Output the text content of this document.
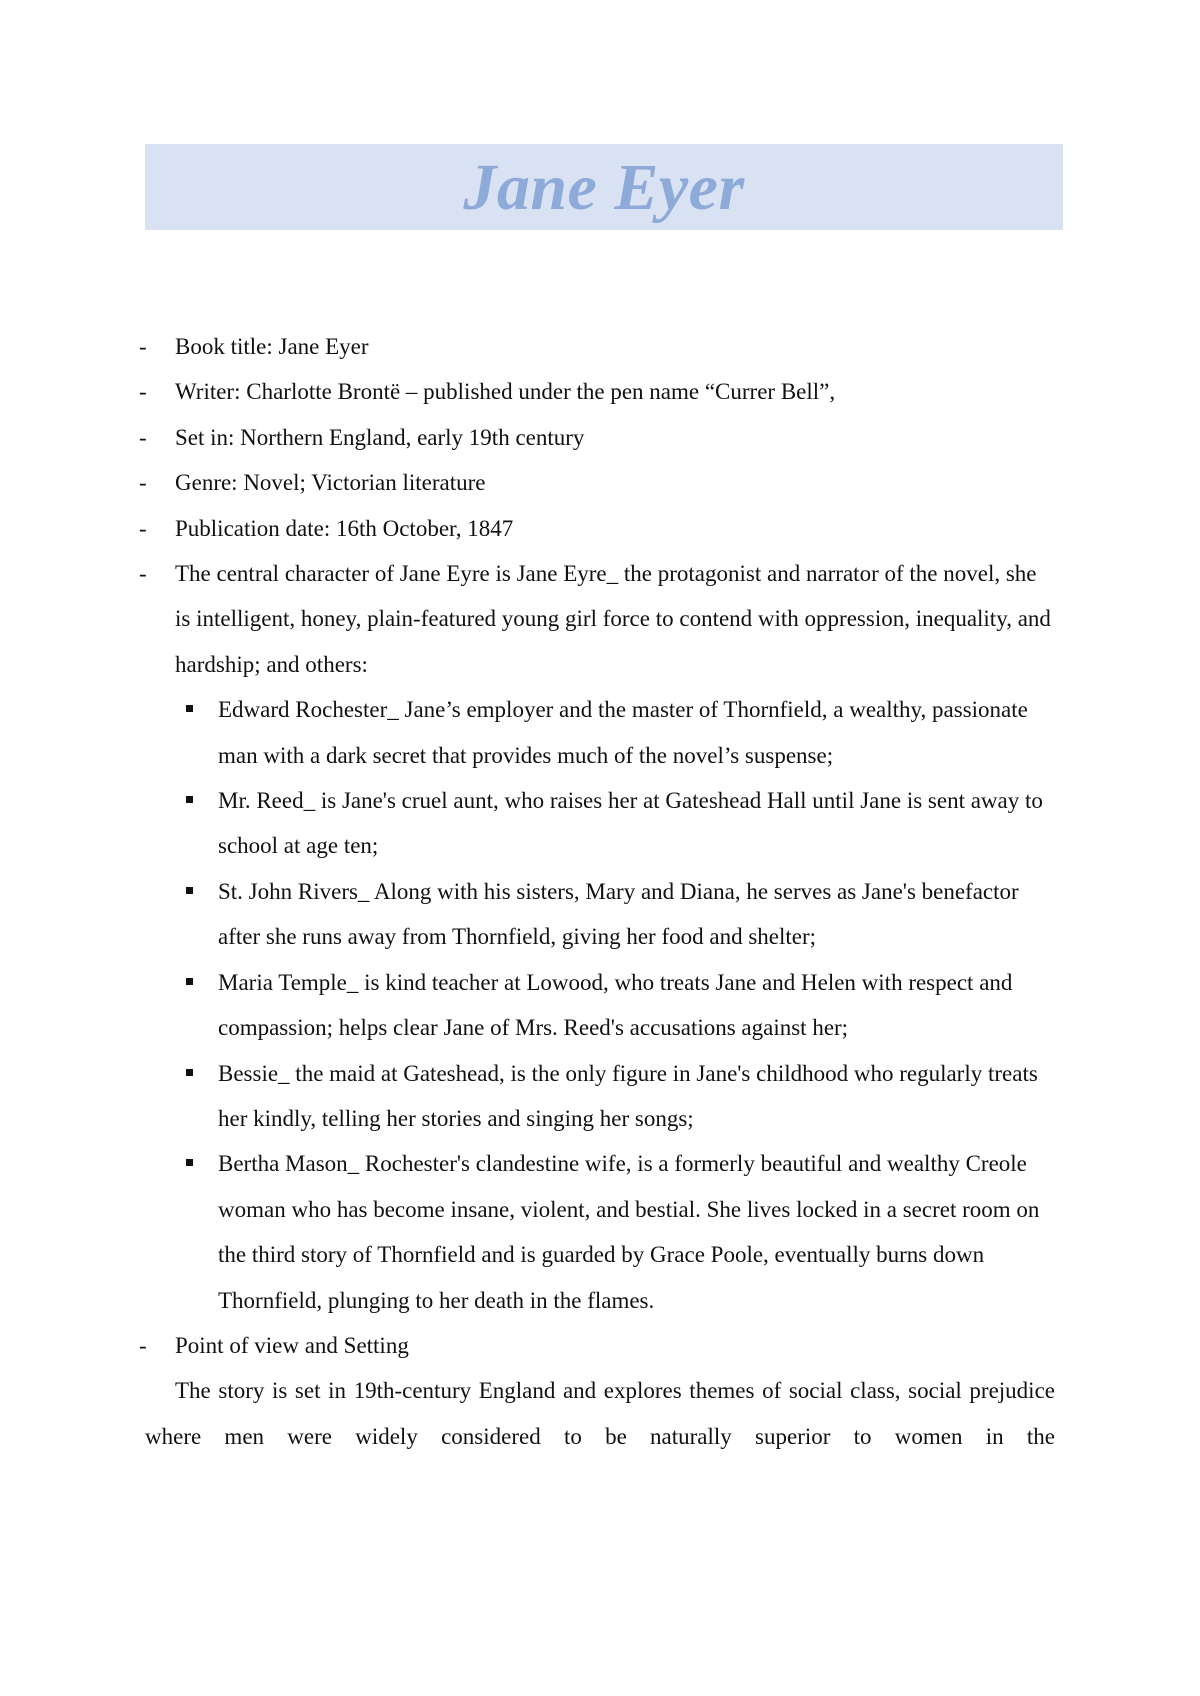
Jane Eyer
- Book title: Jane Eyer
- Writer: Charlotte Brontë – published under the pen name “Currer Bell”,
- Set in: Northern England, early 19th century
- Genre: Novel; Victorian literature
- Publication date: 16th October, 1847
- The central character of Jane Eyre is Jane Eyre_ the protagonist and narrator of the novel, she is intelligent, honey, plain-featured young girl force to contend with oppression, inequality, and hardship; and others:
Edward Rochester_ Jane’s employer and the master of Thornfield, a wealthy, passionate man with a dark secret that provides much of the novel’s suspense;
Mr. Reed_ is Jane's cruel aunt, who raises her at Gateshead Hall until Jane is sent away to school at age ten;
St. John Rivers_ Along with his sisters, Mary and Diana, he serves as Jane's benefactor after she runs away from Thornfield, giving her food and shelter;
Maria Temple_ is kind teacher at Lowood, who treats Jane and Helen with respect and compassion; helps clear Jane of Mrs. Reed's accusations against her;
Bessie_ the maid at Gateshead, is the only figure in Jane's childhood who regularly treats her kindly, telling her stories and singing her songs;
Bertha Mason_ Rochester's clandestine wife, is a formerly beautiful and wealthy Creole woman who has become insane, violent, and bestial. She lives locked in a secret room on the third story of Thornfield and is guarded by Grace Poole, eventually burns down Thornfield, plunging to her death in the flames.
- Point of view and Setting
The story is set in 19th-century England and explores themes of social class, social prejudice where men were widely considered to be naturally superior to women in the
